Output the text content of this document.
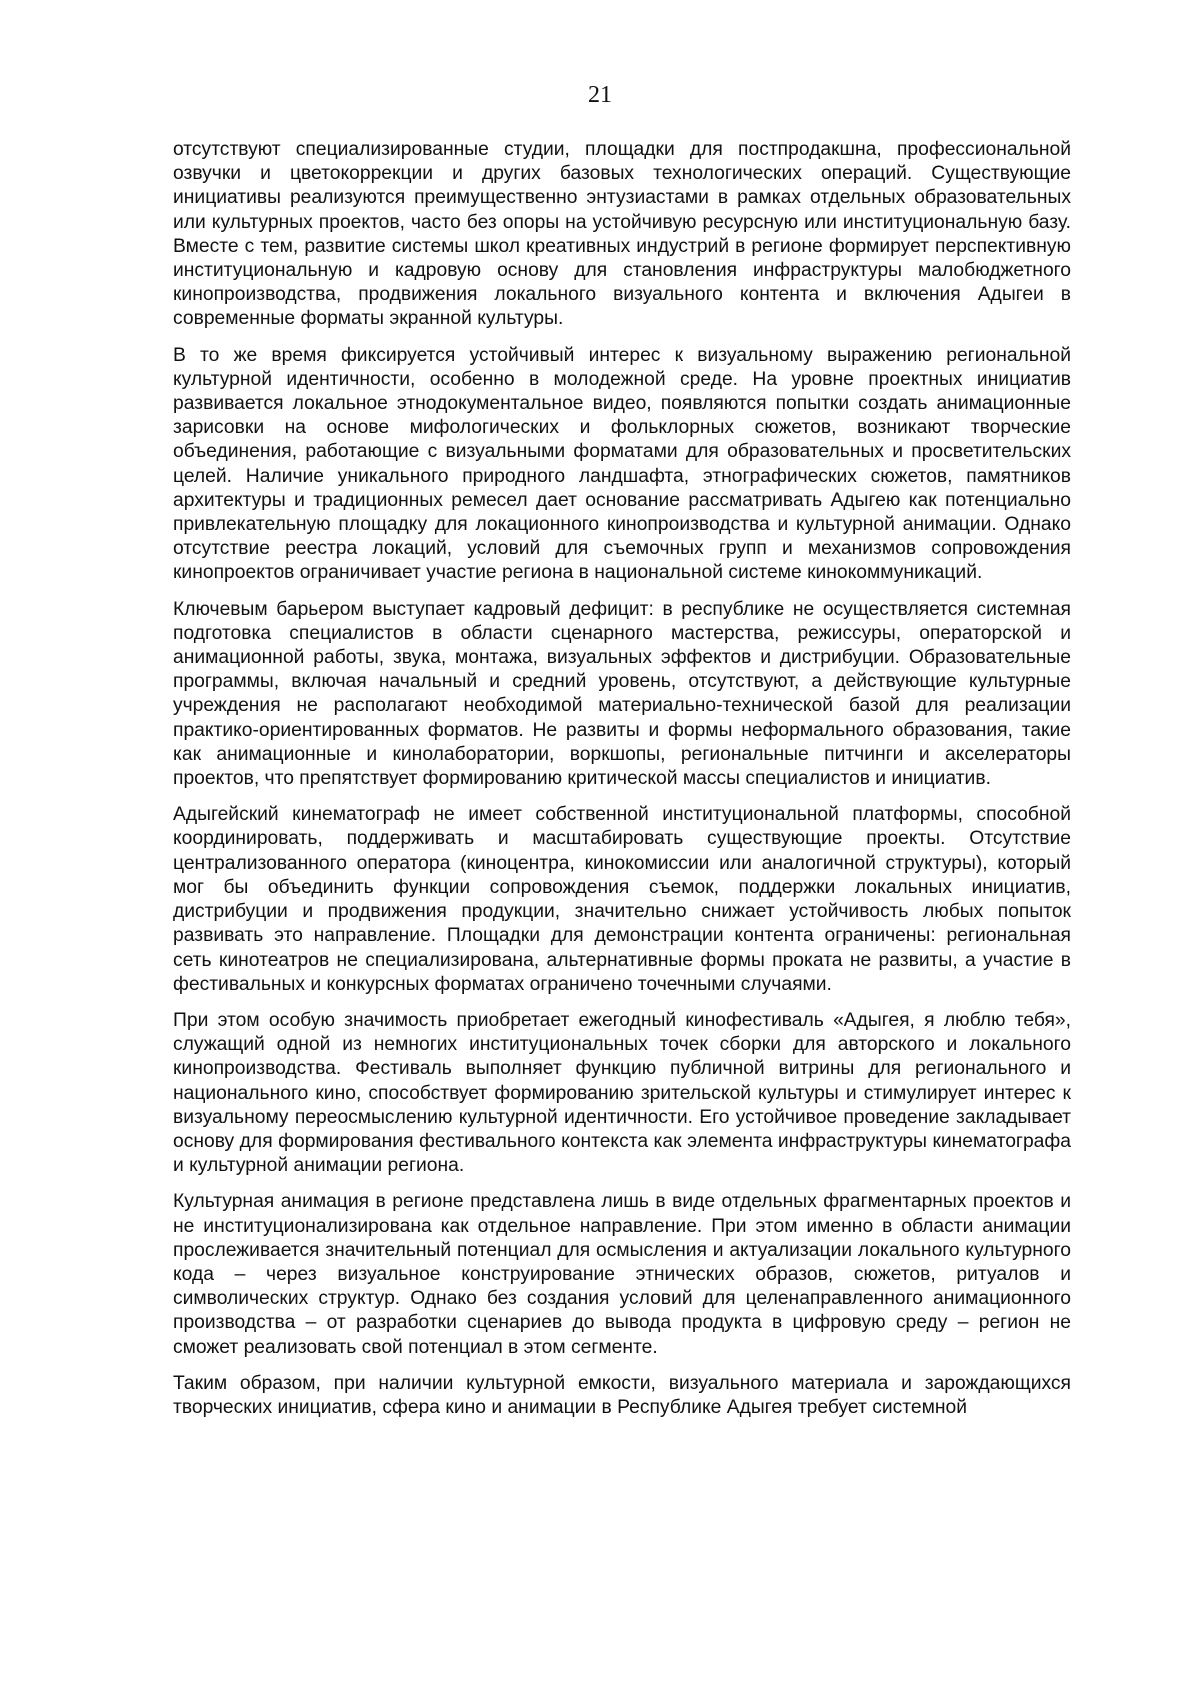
21

отсутствуют специализированные студии, площадки для постпродакшна, профессиональной озвучки и цветокоррекции и других базовых технологических операций. Существующие инициативы реализуются преимущественно энтузиастами в рамках отдельных образовательных или культурных проектов, часто без опоры на устойчивую ресурсную или институциональную базу. Вместе с тем, развитие системы школ креативных индустрий в регионе формирует перспективную институциональную и кадровую основу для становления инфраструктуры малобюджетного кинопроизводства, продвижения локального визуального контента и включения Адыгеи в современные форматы экранной культуры.

В то же время фиксируется устойчивый интерес к визуальному выражению региональной культурной идентичности, особенно в молодежной среде. На уровне проектных инициатив развивается локальное этнодокументальное видео, появляются попытки создать анимационные зарисовки на основе мифологических и фольклорных сюжетов, возникают творческие объединения, работающие с визуальными форматами для образовательных и просветительских целей. Наличие уникального природного ландшафта, этнографических сюжетов, памятников архитектуры и традиционных ремесел дает основание рассматривать Адыгею как потенциально привлекательную площадку для локационного кинопроизводства и культурной анимации. Однако отсутствие реестра локаций, условий для съемочных групп и механизмов сопровождения кинопроектов ограничивает участие региона в национальной системе кинокоммуникаций.

Ключевым барьером выступает кадровый дефицит: в республике не осуществляется системная подготовка специалистов в области сценарного мастерства, режиссуры, операторской и анимационной работы, звука, монтажа, визуальных эффектов и дистрибуции. Образовательные программы, включая начальный и средний уровень, отсутствуют, а действующие культурные учреждения не располагают необходимой материально-технической базой для реализации практико-ориентированных форматов. Не развиты и формы неформального образования, такие как анимационные и кинолаборатории, воркшопы, региональные питчинги и акселераторы проектов, что препятствует формированию критической массы специалистов и инициатив.

Адыгейский кинематограф не имеет собственной институциональной платформы, способной координировать, поддерживать и масштабировать существующие проекты. Отсутствие централизованного оператора (киноцентра, кинокомиссии или аналогичной структуры), который мог бы объединить функции сопровождения съемок, поддержки локальных инициатив, дистрибуции и продвижения продукции, значительно снижает устойчивость любых попыток развивать это направление. Площадки для демонстрации контента ограничены: региональная сеть кинотеатров не специализирована, альтернативные формы проката не развиты, а участие в фестивальных и конкурсных форматах ограничено точечными случаями.

При этом особую значимость приобретает ежегодный кинофестиваль «Адыгея, я люблю тебя», служащий одной из немногих институциональных точек сборки для авторского и локального кинопроизводства. Фестиваль выполняет функцию публичной витрины для регионального и национального кино, способствует формированию зрительской культуры и стимулирует интерес к визуальному переосмыслению культурной идентичности. Его устойчивое проведение закладывает основу для формирования фестивального контекста как элемента инфраструктуры кинематографа и культурной анимации региона.

Культурная анимация в регионе представлена лишь в виде отдельных фрагментарных проектов и не институционализирована как отдельное направление. При этом именно в области анимации прослеживается значительный потенциал для осмысления и актуализации локального культурного кода – через визуальное конструирование этнических образов, сюжетов, ритуалов и символических структур. Однако без создания условий для целенаправленного анимационного производства – от разработки сценариев до вывода продукта в цифровую среду – регион не сможет реализовать свой потенциал в этом сегменте.

Таким образом, при наличии культурной емкости, визуального материала и зарождающихся творческих инициатив, сфера кино и анимации в Республике Адыгея требует системной
